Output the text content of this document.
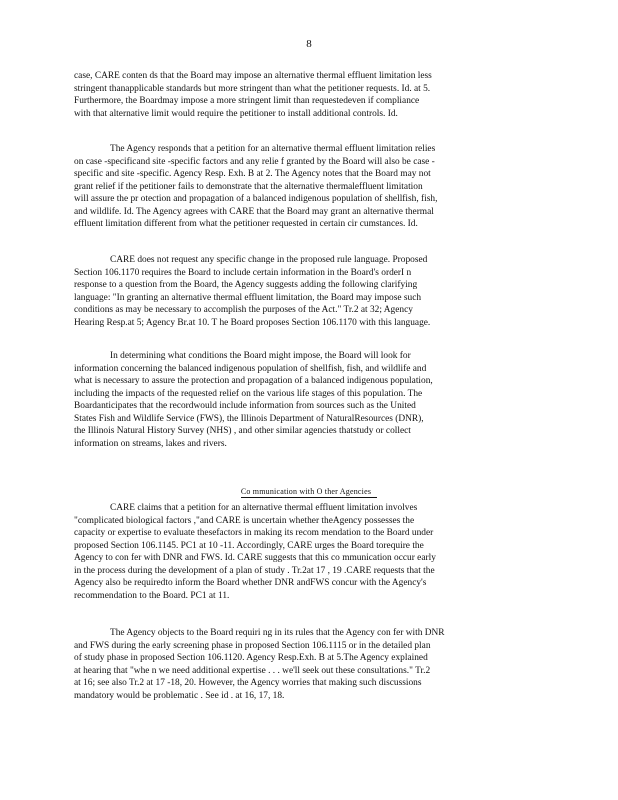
8
case, CARE conten ds that the Board may impose an alternative thermal effluent limitation less
stringent thanapplicable standards but more stringent than what the petitioner requests. Id. at 5.
Furthermore, the Boardmay impose a more stringent limit than requestedeven if compliance
with that alternative limit would require the petitioner to install additional controls. Id.
The Agency responds that a petition for an alternative thermal effluent limitation relies
on case -specificand site -specific factors and any relie f granted by the Board will also be case -
specific and site -specific. Agency Resp. Exh. B at 2. The Agency notes that the Board may not
grant relief if the petitioner fails to demonstrate that the alternative thermaleffluent limitation
will assure the pr otection and propagation of a balanced indigenous population of shellfish, fish,
and wildlife. Id. The Agency agrees with CARE that the Board may grant an alternative thermal
effluent limitation different from what the petitioner requested in certain cir cumstances. Id.
CARE does not request any specific change in the proposed rule language. Proposed
Section 106.1170 requires the Board to include certain information in the Board's orderI n
response to a question from the Board, the Agency suggests adding the following clarifying
language: "In granting an alternative thermal effluent limitation, the Board may impose such
conditions as may be necessary to accomplish the purposes of the Act." Tr.2 at 32; Agency
Hearing Resp.at 5; Agency Br.at 10. T he Board proposes Section 106.1170 with this language.
In determining what conditions the Board might impose, the Board will look for
information concerning the balanced indigenous population of shellfish, fish, and wildlife and
what is necessary to assure the protection and propagation of a balanced indigenous population,
including the impacts of the requested relief on the various life stages of this population. The
Boardanticipates that the recordwould include information from sources such as the United
States Fish and Wildlife Service (FWS), the Illinois Department of NaturalResources (DNR),
the Illinois Natural History Survey (NHS) , and other similar agencies thatstudy or collect
information on streams, lakes and rivers.
Co mmunication with O ther Agencies
CARE claims that a petition for an alternative thermal effluent limitation involves
"complicated biological factors ,"and CARE is uncertain whether theAgency possesses the
capacity or expertise to evaluate thesefactors in making its recom mendation to the Board under
proposed Section 106.1145. PC1 at 10 -11. Accordingly, CARE urges the Board torequire the
Agency to con fer with DNR and FWS. Id. CARE suggests that this co mmunication occur early
in the process during the development of a plan of study . Tr.2at 17 , 19 .CARE requests that the
Agency also be requiredto inform the Board whether DNR andFWS concur with the Agency's
recommendation to the Board. PC1 at 11.
The Agency objects to the Board requiri ng in its rules that the Agency con fer with DNR
and FWS during the early screening phase in proposed Section 106.1115 or in the detailed plan
of study phase in proposed Section 106.1120. Agency Resp.Exh. B at 5.The Agency explained
at hearing that "whe n we need additional expertise . . . we'll seek out these consultations." Tr.2
at 16; see also Tr.2 at 17 -18, 20. However, the Agency worries that making such discussions
mandatory would be problematic . See id . at 16, 17, 18.
